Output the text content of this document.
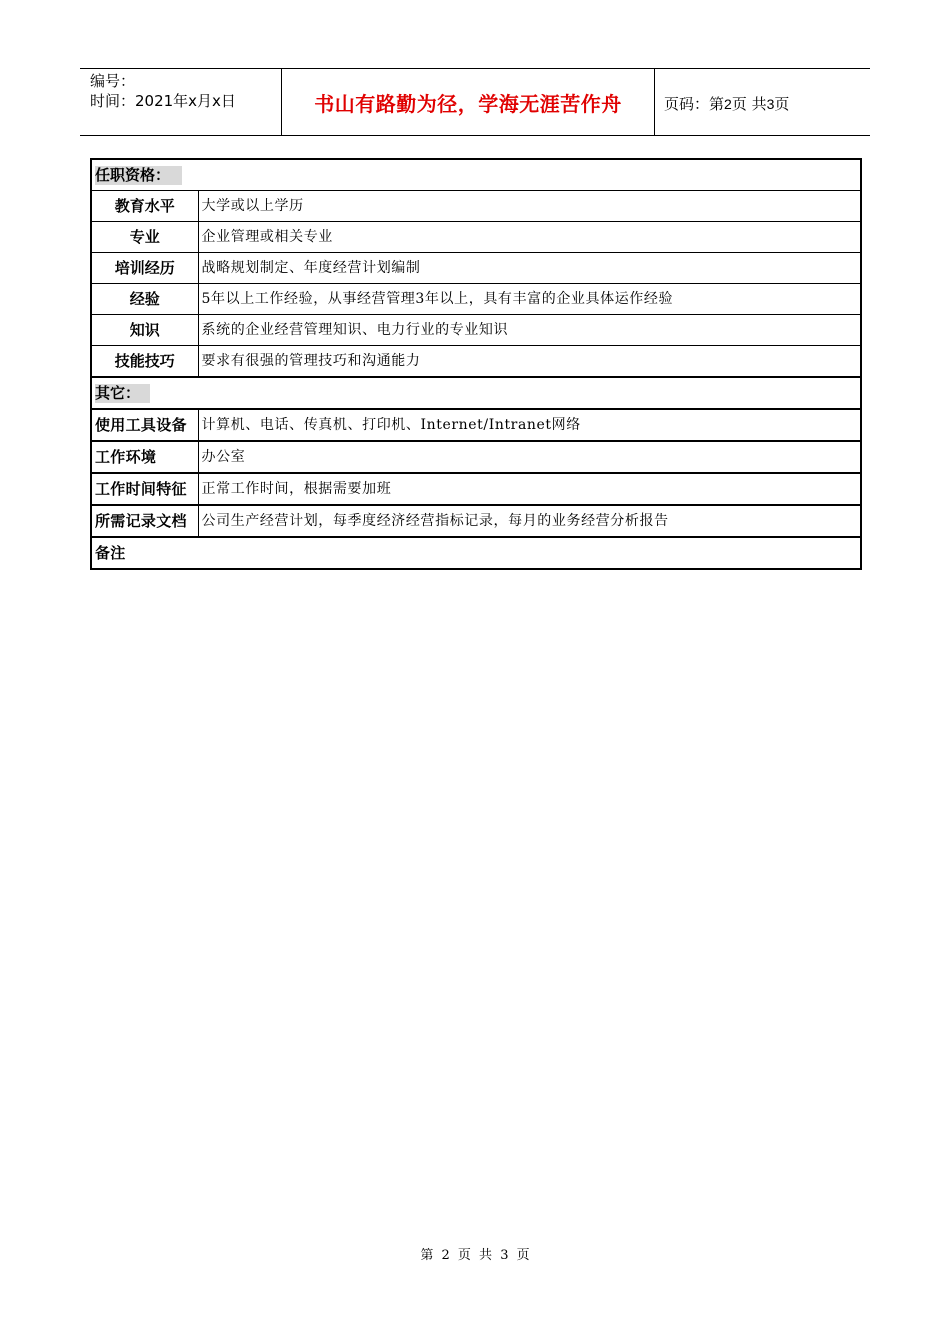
编号：
时间：2021年x月x日	书山有路勤为径，学海无涯苦作舟	页码：第2页 共3页
任职资格：	
教育水平	大学或以上学历
专业	企业管理或相关专业
培训经历	战略规划制定、年度经营计划编制
经验	5年以上工作经验，从事经营管理3年以上，具有丰富的企业具体运作经验
知识	系统的企业经营管理知识、电力行业的专业知识
技能技巧	要求有很强的管理技巧和沟通能力
其它：	
使用工具设备	计算机、电话、传真机、打印机、Internet/Intranet网络
工作环境	办公室
工作时间特征	正常工作时间，根据需要加班
所需记录文档	公司生产经营计划，每季度经济经营指标记录，每月的业务经营分析报告
备注	
第 2 页 共 3 页
